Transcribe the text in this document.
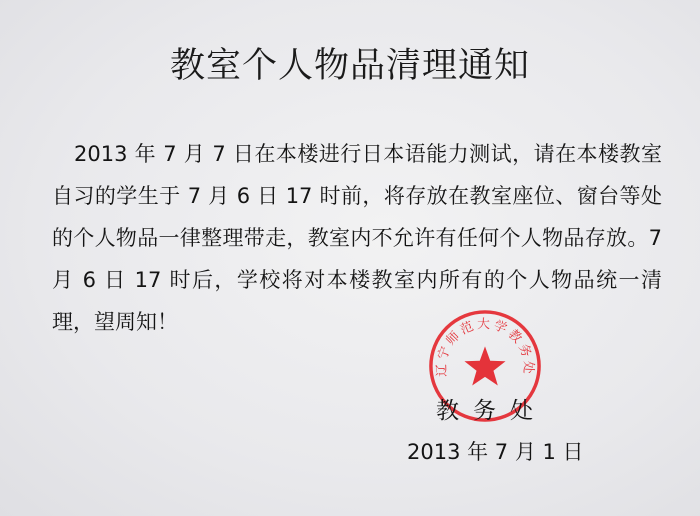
教室个人物品清理通知

2013 年 7 月 7 日在本楼进行日本语能力测试，请在本楼教室自习的学生于 7 月 6 日 17 时前，将存放在教室座位、窗台等处的个人物品一律整理带走，教室内不允许有任何个人物品存放。7 月 6 日 17 时后，学校将对本楼教室内所有的个人物品统一清理，望周知！

辽宁师范大学教务处
教务处
2013 年 7 月 1 日
